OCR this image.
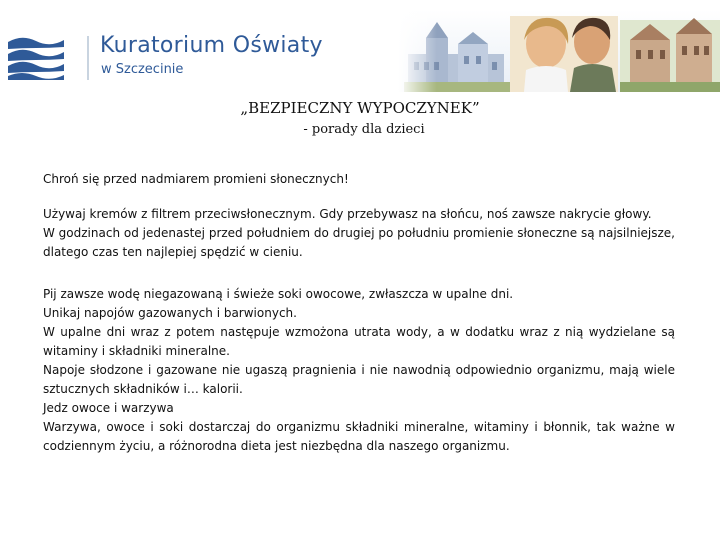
Kuratorium Oświaty
w Szczecinie
„BEZPIECZNY WYPOCZYNEK”
- porady dla dzieci

Chroń się przed nadmiarem promieni słonecznych!

Używaj kremów z filtrem przeciwsłonecznym. Gdy przebywasz na słońcu, noś zawsze nakrycie głowy.

W godzinach od jedenastej przed południem do drugiej po południu promienie słoneczne są najsilniejsze, dlatego czas ten najlepiej spędzić w cieniu.

Pij zawsze wodę niegazowaną i świeże soki owocowe, zwłaszcza w upalne dni.

Unikaj napojów gazowanych i barwionych.

W upalne dni wraz z potem następuje wzmożona utrata wody, a w dodatku wraz z nią wydzielane są witaminy i składniki mineralne.

Napoje słodzone i gazowane nie ugaszą pragnienia i nie nawodnią odpowiednio organizmu, mają wiele sztucznych składników i… kalorii.

Jedz owoce i warzywa

Warzywa, owoce i soki dostarczaj do organizmu składniki mineralne, witaminy i błonnik, tak ważne w codziennym życiu, a różnorodna dieta jest niezbędna dla naszego organizmu.
